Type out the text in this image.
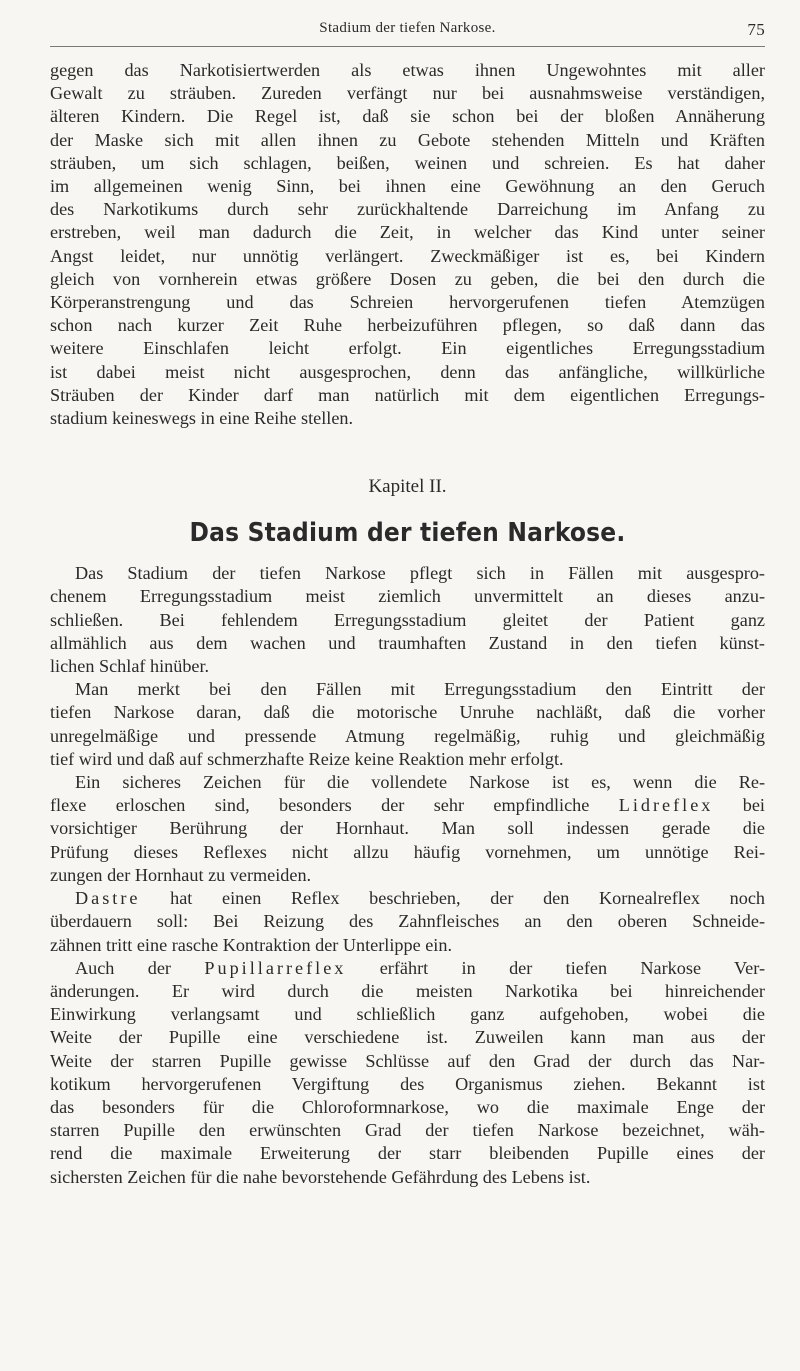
Stadium der tiefen Narkose.	75
gegen das Narkotisiertwerden als etwas ihnen Ungewohntes mit aller
Gewalt zu sträuben. Zureden verfängt nur bei ausnahmsweise verständigen,
älteren Kindern. Die Regel ist, daß sie schon bei der bloßen Annäherung
der Maske sich mit allen ihnen zu Gebote stehenden Mitteln und Kräften
sträuben, um sich schlagen, beißen, weinen und schreien. Es hat daher
im allgemeinen wenig Sinn, bei ihnen eine Gewöhnung an den Geruch
des Narkotikums durch sehr zurückhaltende Darreichung im Anfang zu
erstreben, weil man dadurch die Zeit, in welcher das Kind unter seiner
Angst leidet, nur unnötig verlängert. Zweckmäßiger ist es, bei Kindern
gleich von vornherein etwas größere Dosen zu geben, die bei den durch die
Körperanstrengung und das Schreien hervorgerufenen tiefen Atemzügen
schon nach kurzer Zeit Ruhe herbeizuführen pflegen, so daß dann das
weitere Einschlafen leicht erfolgt. Ein eigentliches Erregungsstadium
ist dabei meist nicht ausgesprochen, denn das anfängliche, willkürliche
Sträuben der Kinder darf man natürlich mit dem eigentlichen Erregungs-
stadium keineswegs in eine Reihe stellen.
Kapitel II.
Das Stadium der tiefen Narkose.
Das Stadium der tiefen Narkose pflegt sich in Fällen mit ausgespro-
chenem Erregungsstadium meist ziemlich unvermittelt an dieses anzu-
schließen. Bei fehlendem Erregungsstadium gleitet der Patient ganz
allmählich aus dem wachen und traumhaften Zustand in den tiefen künst-
lichen Schlaf hinüber.
Man merkt bei den Fällen mit Erregungsstadium den Eintritt der
tiefen Narkose daran, daß die motorische Unruhe nachläßt, daß die vorher
unregelmäßige und pressende Atmung regelmäßig, ruhig und gleichmäßig
tief wird und daß auf schmerzhafte Reize keine Reaktion mehr erfolgt.
Ein sicheres Zeichen für die vollendete Narkose ist es, wenn die Re-
flexe erloschen sind, besonders der sehr empfindliche Lidreflex bei
vorsichtiger Berührung der Hornhaut. Man soll indessen gerade die
Prüfung dieses Reflexes nicht allzu häufig vornehmen, um unnötige Rei-
zungen der Hornhaut zu vermeiden.
Dastre hat einen Reflex beschrieben, der den Kornealreflex noch
überdauern soll: Bei Reizung des Zahnfleisches an den oberen Schneide-
zähnen tritt eine rasche Kontraktion der Unterlippe ein.
Auch der Pupillarreflex erfährt in der tiefen Narkose Ver-
änderungen. Er wird durch die meisten Narkotika bei hinreichender
Einwirkung verlangsamt und schließlich ganz aufgehoben, wobei die
Weite der Pupille eine verschiedene ist. Zuweilen kann man aus der
Weite der starren Pupille gewisse Schlüsse auf den Grad der durch das Nar-
kotikum hervorgerufenen Vergiftung des Organismus ziehen. Bekannt ist
das besonders für die Chloroformnarkose, wo die maximale Enge der
starren Pupille den erwünschten Grad der tiefen Narkose bezeichnet, wäh-
rend die maximale Erweiterung der starr bleibenden Pupille eines der
sichersten Zeichen für die nahe bevorstehende Gefährdung des Lebens ist.
